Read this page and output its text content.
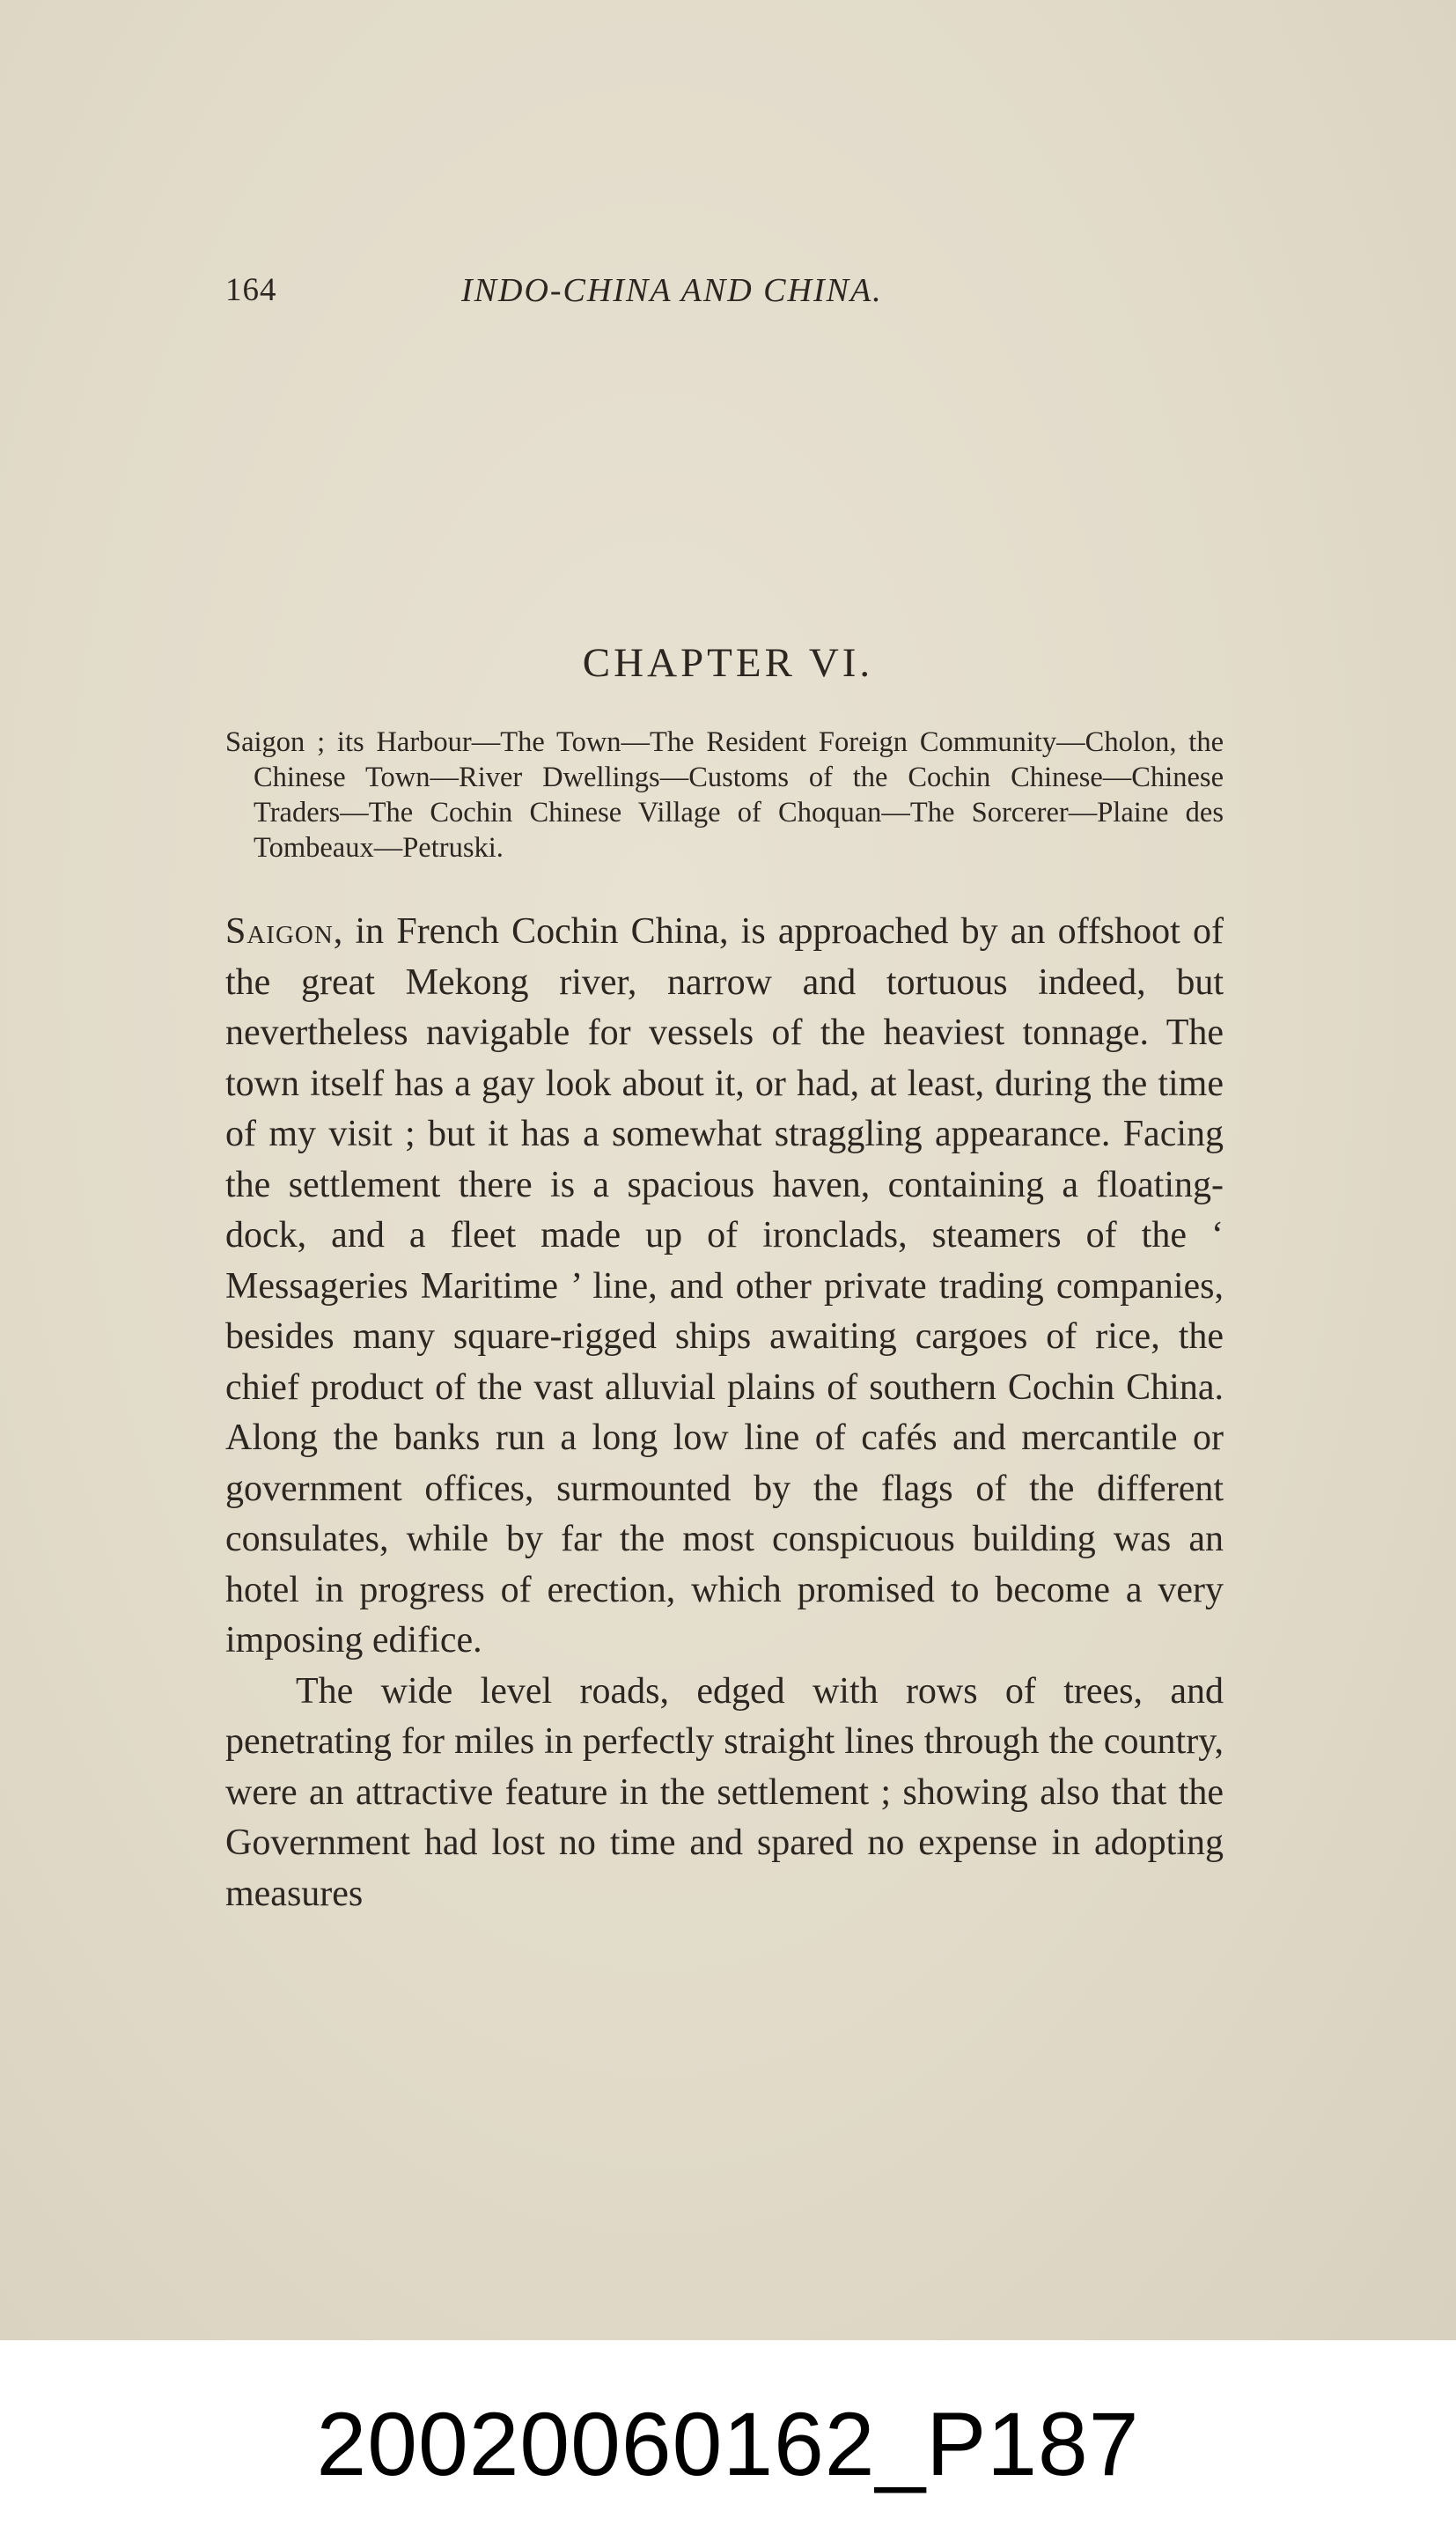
164	INDO-CHINA AND CHINA.
CHAPTER VI.

Saigon ; its Harbour—The Town—The Resident Foreign Community—Cholon, the Chinese Town—River Dwellings—Customs of the Cochin Chinese—Chinese Traders—The Cochin Chinese Village of Choquan—The Sorcerer—Plaine des Tombeaux—Petruski.

Saigon, in French Cochin China, is approached by an offshoot of the great Mekong river, narrow and tortuous indeed, but nevertheless navigable for vessels of the heaviest tonnage. The town itself has a gay look about it, or had, at least, during the time of my visit ; but it has a somewhat straggling appearance. Facing the settlement there is a spacious haven, containing a floating-dock, and a fleet made up of ironclads, steamers of the ‘ Messageries Maritime ’ line, and other private trading companies, besides many square-rigged ships awaiting cargoes of rice, the chief product of the vast alluvial plains of southern Cochin China. Along the banks run a long low line of cafés and mercantile or government offices, surmounted by the flags of the different consulates, while by far the most conspicuous building was an hotel in progress of erection, which promised to become a very imposing edifice.

The wide level roads, edged with rows of trees, and penetrating for miles in perfectly straight lines through the country, were an attractive feature in the settlement ; showing also that the Government had lost no time and spared no expense in adopting measures

20020060162_P187
